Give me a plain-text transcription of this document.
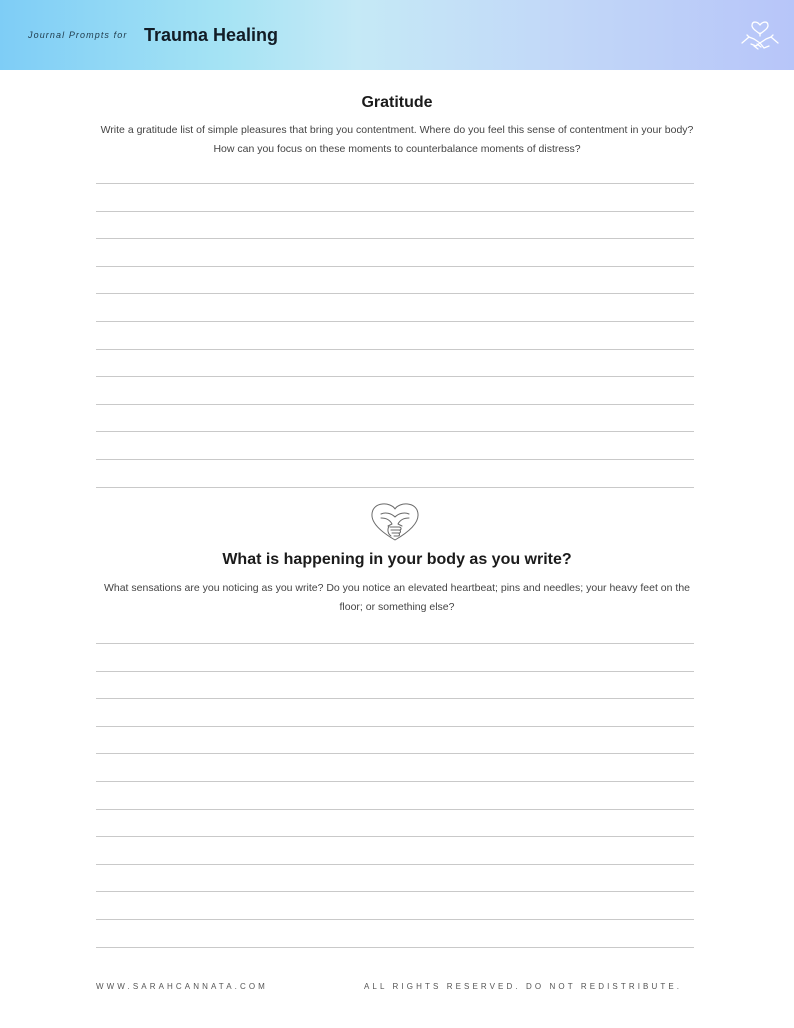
Journal Prompts for Trauma Healing
Gratitude
Write a gratitude list of simple pleasures that bring you contentment. Where do you feel this sense of contentment in your body? How can you focus on these moments to counterbalance moments of distress?
What is happening in your body as you write?
What sensations are you noticing as you write? Do you notice an elevated heartbeat; pins and needles; your heavy feet on the floor; or something else?
WWW.SARAHCANNATA.COM	ALL RIGHTS RESERVED. DO NOT REDISTRIBUTE.
